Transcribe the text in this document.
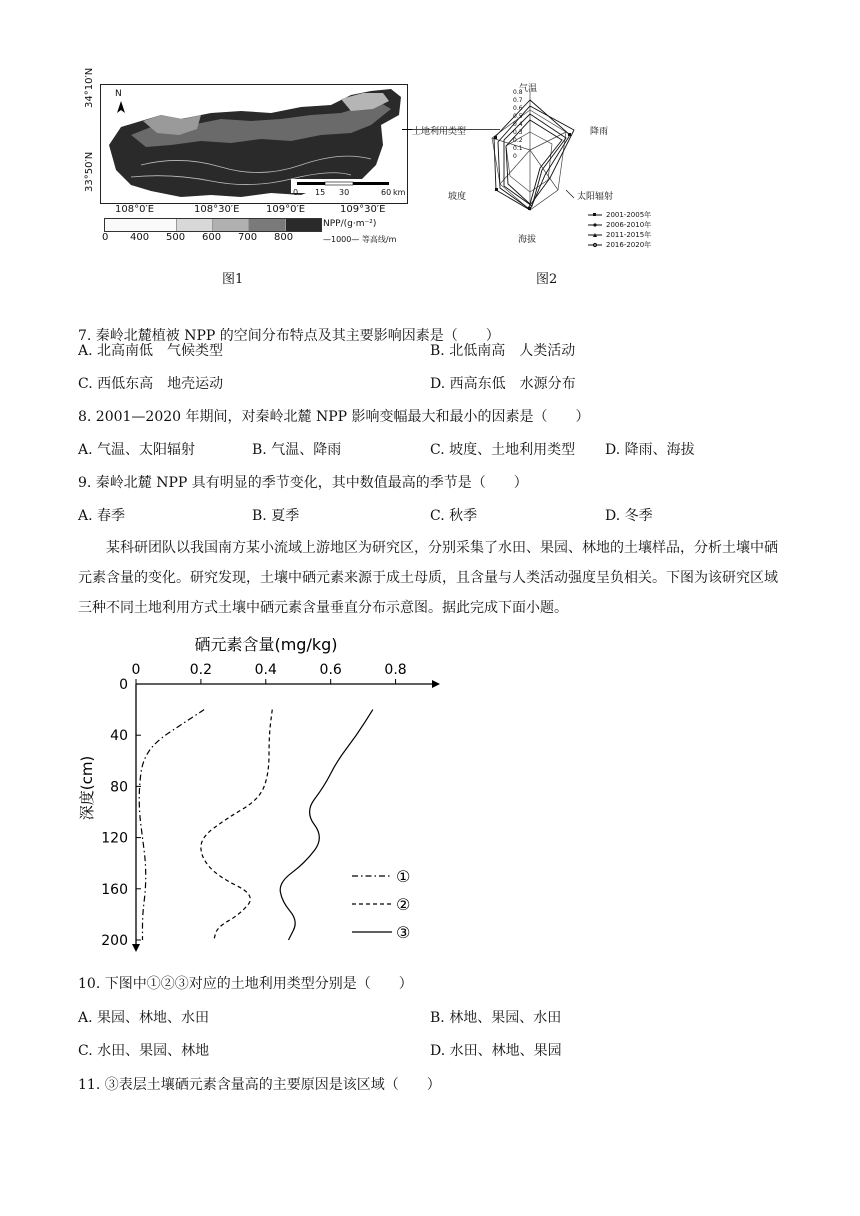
34°10′N
33°50′N
N
0 15 30	60 km
土地利用类型
108°0′E	108°30′E	109°0′E	109°30′E
0 400 500 600 700 800
NPP/(g·m⁻²)
—1000— 等高线/m
图1
气温
降雨
太阳辐射
海拔
坡度
0.8
0.7
0.6
0.5
0.4
0.3
0.2
0.1
0
2001-2005年
2006-2010年
2011-2015年
2016-2020年
图2
7. 秦岭北麓植被 NPP 的空间分布特点及其主要影响因素是（　　）
A. 北高南低　气候类型	B. 北低南高　人类活动
C. 西低东高　地壳运动	D. 西高东低　水源分布
8. 2001—2020 年期间，对秦岭北麓 NPP 影响变幅最大和最小的因素是（　　）
A. 气温、太阳辐射	B. 气温、降雨	C. 坡度、土地利用类型 D. 降雨、海拔
9. 秦岭北麓 NPP 具有明显的季节变化，其中数值最高的季节是（　　）
A. 春季	B. 夏季	C. 秋季	D. 冬季
某科研团队以我国南方某小流域上游地区为研究区，分别采集了水田、果园、林地的土壤样品，分析土壤中硒元素含量的变化。研究发现，土壤中硒元素来源于成土母质，且含量与人类活动强度呈负相关。下图为该研究区域三种不同土地利用方式土壤中硒元素含量垂直分布示意图。据此完成下面小题。
硒元素含量(mg/kg)
0	0.2	0.4	0.6	0.8
0
40
80
120
160
200
①
②
③
深度(cm)
10. 下图中①②③对应的土地利用类型分别是（　　）
A. 果园、林地、水田	B. 林地、果园、水田
C. 水田、果园、林地	D. 水田、林地、果园
11. ③表层土壤硒元素含量高的主要原因是该区域（　　）
